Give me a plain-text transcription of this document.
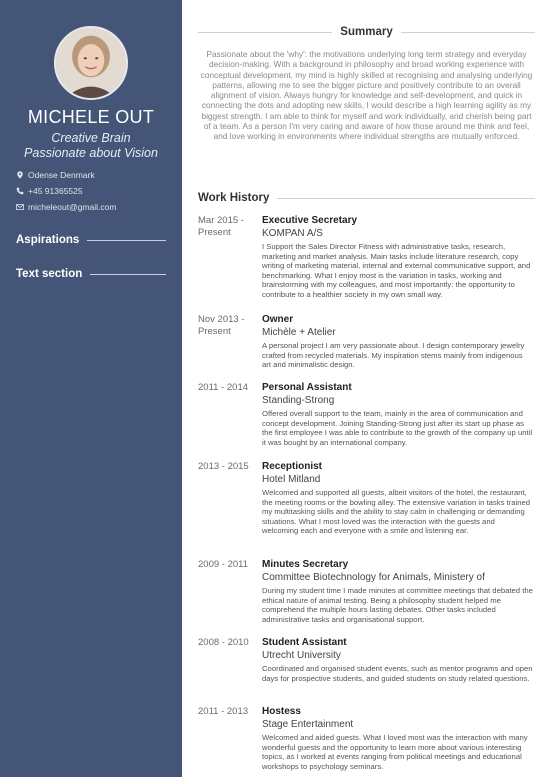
MICHELE OUT
Creative Brain
Passionate about Vision
Odense Denmark
+45 91365525
micheleout@gmail.com
Aspirations
Text section
Summary
Passionate about the 'why': the motivations underlying long term strategy and everyday decision-making. With a background in philosophy and broad working experience with conceptual development, my mind is highly skilled at recognising and analysing underlying patterns, allowing me to see the bigger picture and positively contribute to an overall alignment of vision. Always hungry for knowledge and self-development, and quick in connecting the dots and adopting new skills, I would describe a high learning agility as my biggest strength. I am able to think for myself and work individually, and cherish being part of a team. As a person I'm very caring and aware of how those around me think and feel, and love working in environments where individual strengths are mutually enforced.
Work History
Mar 2015 - Present
Executive Secretary
KOMPAN A/S
I Support the Sales Director Fitness with administrative tasks, research, marketing and market analysis. Main tasks include literature research, copy writing of marketing material, internal and external communicative support, and benchmarking. What I enjoy most is the variation in tasks, working and brainstorming with my colleagues, and most importantly: the opportunity to contribute to a healthier society in my own small way.
Nov 2013 - Present
Owner
Michèle + Atelier
A personal project I am very passionate about. I design contemporary jewelry crafted from recycled materials. My inspiration stems mainly from indigenous art and minimalistic design.
2011 - 2014	Personal Assistant
Standing-Strong
Offered overall support to the team, mainly in the area of communication and concept development. Joining Standing-Strong just after its start up phase as the first employee I was able to contribute to the growth of the company up until it was bought by an international company.
2013 - 2015	Receptionist
Hotel Mitland
Welcomed and supported all guests, albeit visitors of the hotel, the restaurant, the meeting rooms or the bowling alley. The extensive variation in tasks trained my multitasking skills and the ability to stay calm in challenging or demanding situations. What I most loved was the interaction with the guests and welcoming each and everyone with a smile and listening ear.
2009 - 2011	Minutes Secretary
Committee Biotechnology for Animals, Ministery of
During my student time I made minutes at committee meetings that debated the ethical nature of animal testing. Being a philosophy student helped me comprehend the multiple hours lasting debates. Other tasks included administrative tasks and organisational support.
2008 - 2010	Student Assistant
Utrecht University
Coordinated and organised student events, such as mentor programs and open days for prospective students, and guided students on study related questions.
2011 - 2013	Hostess
Stage Entertainment
Welcomed and aided guests. What I loved most was the interaction with many wonderful guests and the opportunity to learn more about various interesting topics, as I worked at events ranging from political meetings and educational workshops to psychology seminars.
